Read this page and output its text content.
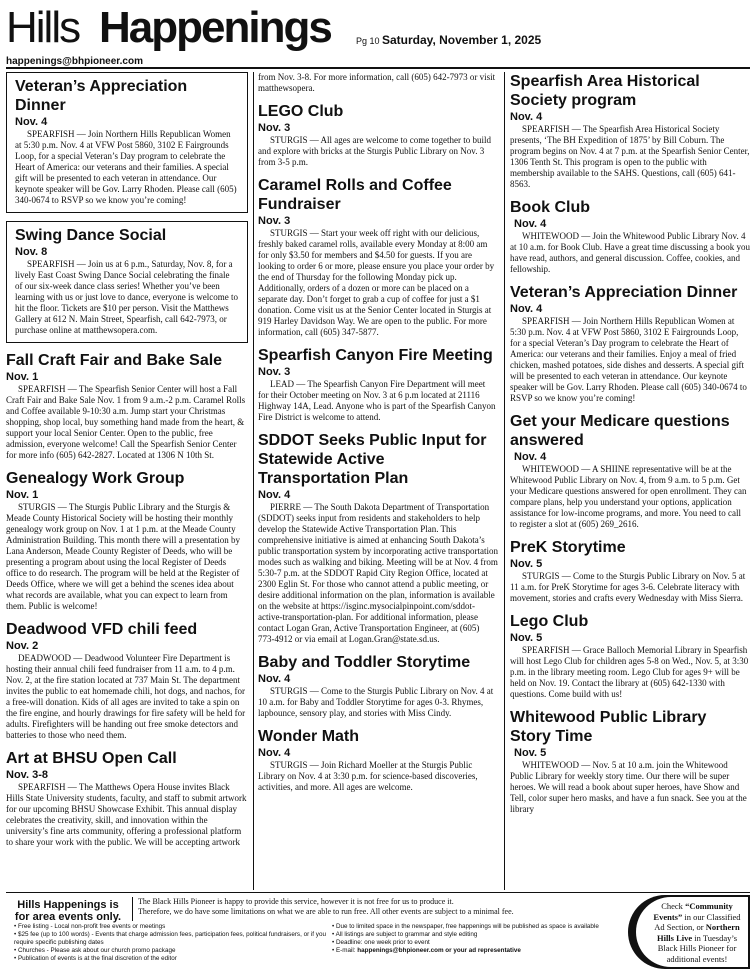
Hills Happenings	Pg 10 Saturday, November 1, 2025
happenings@bhpioneer.com
Veteran’s Appreciation Dinner
Nov. 4

SPEARFISH — Join Northern Hills Republican Women at 5:30 p.m. Nov. 4 at VFW Post 5860, 3102 E Fairgrounds Loop, for a special Veteran’s Day program to celebrate the Heart of America: our veterans and their families. A special gift will be presented to each veteran in attendance. Our keynote speaker will be Gov. Larry Rhoden. Please call (605) 340-0674 to RSVP so we know you’re coming!

Swing Dance Social
Nov. 8

SPEARFISH — Join us at 6 p.m., Saturday, Nov. 8, for a lively East Coast Swing Dance Social celebrating the finale of our six-week dance class series! Whether you’ve been learning with us or just love to dance, everyone is welcome to hit the floor. Tickets are $10 per person. Visit the Matthews Gallery at 612 N. Main Street, Spearfish, call 642-7973, or purchase online at matthewsopera.com.

Fall Craft Fair and Bake Sale
Nov. 1

SPEARFISH — The Spearfish Senior Center will host a Fall Craft Fair and Bake Sale Nov. 1 from 9 a.m.-2 p.m. Caramel Rolls and Coffee available 9-10:30 a.m. Jump start your Christmas shopping, shop local, buy something hand made from the heart, & support your local Senior Center. Open to the public, free admission, everyone welcome! Call the Spearfish Senior Center for more info (605) 642-2827. Located at 1306 N 10th St.

Genealogy Work Group
Nov. 1

STURGIS — The Sturgis Public Library and the Sturgis & Meade County Historical Society will be hosting their monthly genealogy work group on Nov. 1 at 1 p.m. at the Meade County Administration Building. This month there will a presentation by Lana Anderson, Meade County Register of Deeds, who will be presenting a program about using the local Register of Deeds office to do research. The program will be held at the Register of Deeds Office, where we will get a behind the scenes idea about what records are available, what you can expect to learn from them. Public is welcome!

Deadwood VFD chili feed
Nov. 2

DEADWOOD — Deadwood Volunteer Fire Department is hosting their annual chili feed fundraiser from 11 a.m. to 4 p.m. Nov. 2, at the fire station located at 737 Main St. The department invites the public to eat homemade chili, hot dogs, and nachos, for a free-will donation. Kids of all ages are invited to take a spin on the fire engine, and hourly drawings for fire safety will be held for adults. Firefighters will be handing out free smoke detectors and batteries to those who need them.

Art at BHSU Open Call
Nov. 3-8

SPEARFISH — The Matthews Opera House invites Black Hills State University students, faculty, and staff to submit artwork for our upcoming BHSU Showcase Exhibit. This annual display celebrates the creativity, skill, and innovation within the university’s fine arts community, offering a professional platform to share your work with the public. We will be accepting artwork

from Nov. 3-8. For more information, call (605) 642-7973 or visit matthewsopera.

LEGO Club
Nov. 3

STURGIS — All ages are welcome to come together to build and explore with bricks at the Sturgis Public Library on Nov. 3 from 3-5 p.m.

Caramel Rolls and Coffee Fundraiser
Nov. 3

STURGIS — Start your week off right with our delicious, freshly baked caramel rolls, available every Monday at 8:00 am for only $3.50 for members and $4.50 for guests. If you are looking to order 6 or more, please ensure you place your order by the end of Thursday for the following Monday pick up. Additionally, orders of a dozen or more can be placed on a separate day. Don’t forget to grab a cup of coffee for just a $1 donation. Come visit us at the Senior Center located in Sturgis at 919 Harley Davidson Way. We are open to the public. For more information, call (605) 347-5877.

Spearfish Canyon Fire Meeting
Nov. 3

LEAD — The Spearfish Canyon Fire Department will meet for their October meeting on Nov. 3 at 6 p.m located at 21116 Highway 14A, Lead. Anyone who is part of the Spearfish Canyon Fire District is welcome to attend.

SDDOT Seeks Public Input for Statewide Active Transportation Plan
Nov. 4

PIERRE — The South Dakota Department of Transportation (SDDOT) seeks input from residents and stakeholders to help develop the Statewide Active Transportation Plan. This comprehensive initiative is aimed at enhancing South Dakota’s public transportation system by incorporating active transportation modes such as walking and biking. Meeting will be at Nov. 4 from 5:30-7 p.m. at the SDDOT Rapid City Region Office, located at 2300 Eglin St. For those who cannot attend a public meeting, or desire additional information on the plan, information is available on the website at https://isginc.mysocialpinpoint.com/sddot-active-transportation-plan. For additional information, please contact Logan Gran, Active Transportation Engineer, at (605) 773-4912 or via email at Logan.Gran@state.sd.us.

Baby and Toddler Storytime
Nov. 4

STURGIS — Come to the Sturgis Public Library on Nov. 4 at 10 a.m. for Baby and Toddler Storytime for ages 0-3. Rhymes, lapbounce, sensory play, and stories with Miss Cindy.

Wonder Math
Nov. 4

STURGIS — Join Richard Moeller at the Sturgis Public Library on Nov. 4 at 3:30 p.m. for science-based discoveries, activities, and more. All ages are welcome.

Spearfish Area Historical Society program
Nov. 4

SPEARFISH — The Spearfish Area Historical Society presents, ‘The BH Expedition of 1875’ by Bill Coburn. The program begins on Nov. 4 at 7 p.m. at the Spearfish Senior Center, 1306 Tenth St. This program is open to the public with membership available to the SAHS. Questions, call (605) 641-8563.

Book Club
Nov. 4

WHITEWOOD — Join the Whitewood Public Library Nov. 4 at 10 a.m. for Book Club. Have a great time discussing a book you have read, authors, and general discussion. Coffee, cookies, and fellowship.

Veteran’s Appreciation Dinner
Nov. 4

SPEARFISH — Join Northern Hills Republican Women at 5:30 p.m. Nov. 4 at VFW Post 5860, 3102 E Fairgrounds Loop, for a special Veteran’s Day program to celebrate the Heart of America: our veterans and their families. Enjoy a meal of fried chicken, mashed potatoes, side dishes and desserts. A special gift will be presented to each veteran in attendance. Our keynote speaker will be Gov. Larry Rhoden. Please call (605) 340-0674 to RSVP so we know you’re coming!

Get your Medicare questions answered
Nov. 4

WHITEWOOD — A SHIINE representative will be at the Whitewood Public Library on Nov. 4, from 9 a.m. to 5 p.m. Get your Medicare questions answered for open enrollment. They can compare plans, help you understand your options, application assistance for low-income programs, and more. You need to call to register a slot at (605) 269_2616.

PreK Storytime
Nov. 5

STURGIS — Come to the Sturgis Public Library on Nov. 5 at 11 a.m. for PreK Storytime for ages 3-6. Celebrate literacy with movement, stories and crafts every Wednesday with Miss Sierra.

Lego Club
Nov. 5

SPEARFISH — Grace Balloch Memorial Library in Spearfish will host Lego Club for children ages 5-8 on Wed., Nov. 5, at 3:30 p.m. in the library meeting room. Lego Club for ages 9+ will be held on Nov. 19. Contact the library at (605) 642-1330 with questions. Come build with us!

Whitewood Public Library Story Time
Nov. 5

WHITEWOOD — Nov. 5 at 10 a.m. join the Whitewood Public Library for weekly story time. Our there will be super heroes. We will read a book about super heroes, have Show and Tell, color super hero masks, and have a fun snack. See you at the library

Hills Happenings is
for area events only.
The Black Hills Pioneer is happy to provide this service, however it is not free for us to produce it.
Therefore, we do have some limitations on what we are able to run free. All other events are subject to a minimal fee.
• Free listing - Local non-profit free events or meetings
• $25 fee (up to 100 words) - Events that charge admission fees, participation fees, political fundraisers, or if you require specific publishing dates
• Churches - Please ask about our church promo package
• Publication of events is at the final discretion of the editor
• Due to limited space in the newspaper, free happenings will be published as space is available
• All listings are subject to grammar and style editing
• Deadline: one week prior to event
• E-mail: happenings@bhpioneer.com or your ad representative
Check “Community Events” in our Classified Ad Section, or Northern Hills Live in Tuesday’s Black Hills Pioneer for additional events!
